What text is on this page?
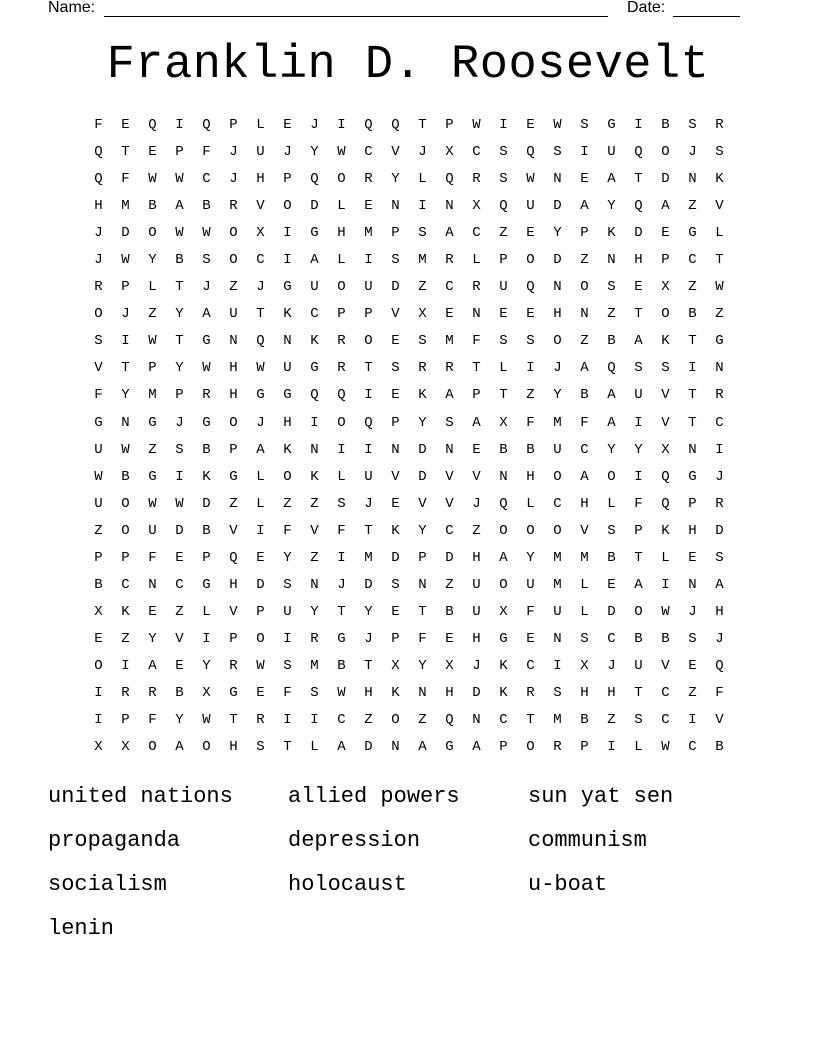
Name:	Date:
Franklin D. Roosevelt
F	E	Q	I	Q	P	L	E	J	I	Q	Q	T	P	W	I	E	W	S	G	I	B	S	R
Q	T	E	P	F	J	U	J	Y	W	C	V	J	X	C	S	Q	S	I	U	Q	O	J	S
Q	F	W	W	C	J	H	P	Q	O	R	Y	L	Q	R	S	W	N	E	A	T	D	N	K
H	M	B	A	B	R	V	O	D	L	E	N	I	N	X	Q	U	D	A	Y	Q	A	Z	V
J	D	O	W	W	O	X	I	G	H	M	P	S	A	C	Z	E	Y	P	K	D	E	G	L
J	W	Y	B	S	O	C	I	A	L	I	S	M	R	L	P	O	D	Z	N	H	P	C	T
R	P	L	T	J	Z	J	G	U	O	U	D	Z	C	R	U	Q	N	O	S	E	X	Z	W
O	J	Z	Y	A	U	T	K	C	P	P	V	X	E	N	E	E	H	N	Z	T	O	B	Z
S	I	W	T	G	N	Q	N	K	R	O	E	S	M	F	S	S	O	Z	B	A	K	T	G
V	T	P	Y	W	H	W	U	G	R	T	S	R	R	T	L	I	J	A	Q	S	S	I	N
F	Y	M	P	R	H	G	G	Q	Q	I	E	K	A	P	T	Z	Y	B	A	U	V	T	R
G	N	G	J	G	O	J	H	I	O	Q	P	Y	S	A	X	F	M	F	A	I	V	T	C
U	W	Z	S	B	P	A	K	N	I	I	N	D	N	E	B	B	U	C	Y	Y	X	N	I
W	B	G	I	K	G	L	O	K	L	U	V	D	V	V	N	H	O	A	O	I	Q	G	J
U	O	W	W	D	Z	L	Z	Z	S	J	E	V	V	J	Q	L	C	H	L	F	Q	P	R
Z	O	U	D	B	V	I	F	V	F	T	K	Y	C	Z	O	O	O	V	S	P	K	H	D
P	P	F	E	P	Q	E	Y	Z	I	M	D	P	D	H	A	Y	M	M	B	T	L	E	S
B	C	N	C	G	H	D	S	N	J	D	S	N	Z	U	O	U	M	L	E	A	I	N	A
X	K	E	Z	L	V	P	U	Y	T	Y	E	T	B	U	X	F	U	L	D	O	W	J	H
E	Z	Y	V	I	P	O	I	R	G	J	P	F	E	H	G	E	N	S	C	B	B	S	J
O	I	A	E	Y	R	W	S	M	B	T	X	Y	X	J	K	C	I	X	J	U	V	E	Q
I	R	R	B	X	G	E	F	S	W	H	K	N	H	D	K	R	S	H	H	T	C	Z	F
I	P	F	Y	W	T	R	I	I	C	Z	O	Z	Q	N	C	T	M	B	Z	S	C	I	V
X	X	O	A	O	H	S	T	L	A	D	N	A	G	A	P	O	R	P	I	L	W	C	B
united nations	allied powers	sun yat sen
propaganda	depression	communism
socialism	holocaust	u-boat
lenin
